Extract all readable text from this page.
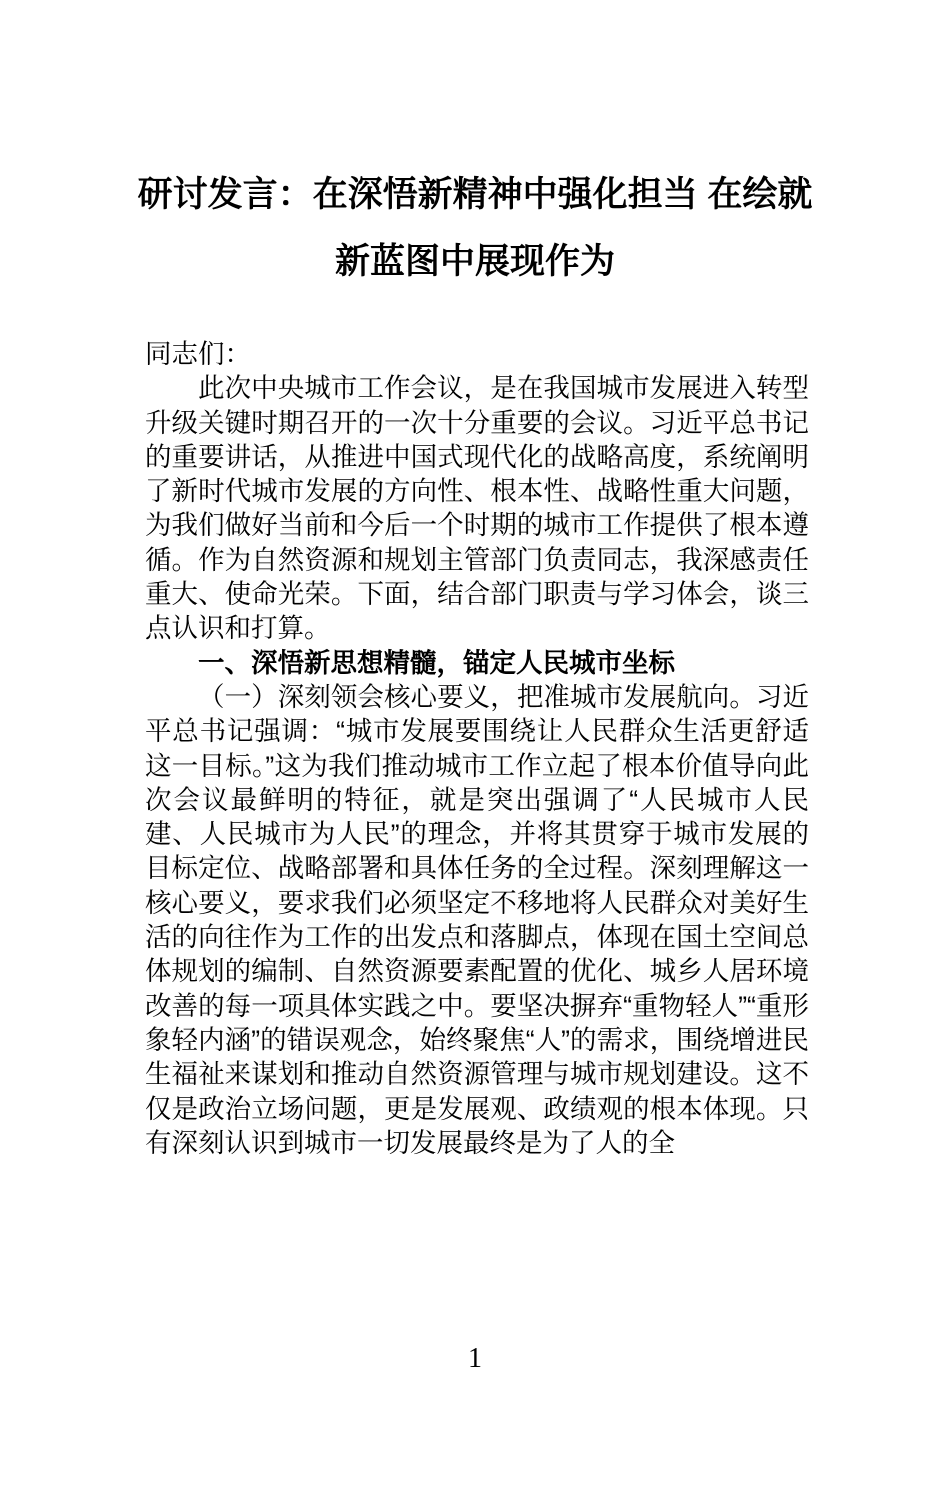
研讨发言：在深悟新精神中强化担当 在绘就新蓝图中展现作为

同志们：

此次中央城市工作会议，是在我国城市发展进入转型升级关键时期召开的一次十分重要的会议。习近平总书记的重要讲话，从推进中国式现代化的战略高度，系统阐明了新时代城市发展的方向性、根本性、战略性重大问题，为我们做好当前和今后一个时期的城市工作提供了根本遵循。作为自然资源和规划主管部门负责同志，我深感责任重大、使命光荣。下面，结合部门职责与学习体会，谈三点认识和打算。

一、深悟新思想精髓，锚定人民城市坐标

（一）深刻领会核心要义，把准城市发展航向。习近平总书记强调：“城市发展要围绕让人民群众生活更舒适这一目标。”这为我们推动城市工作立起了根本价值导向此次会议最鲜明的特征，就是突出强调了“人民城市人民建、人民城市为人民”的理念，并将其贯穿于城市发展的目标定位、战略部署和具体任务的全过程。深刻理解这一核心要义，要求我们必须坚定不移地将人民群众对美好生活的向往作为工作的出发点和落脚点，体现在国土空间总体规划的编制、自然资源要素配置的优化、城乡人居环境改善的每一项具体实践之中。要坚决摒弃“重物轻人”“重形象轻内涵”的错误观念，始终聚焦“人”的需求，围绕增进民生福祉来谋划和推动自然资源管理与城市规划建设。这不仅是政治立场问题，更是发展观、政绩观的根本体现。只有深刻认识到城市一切发展最终是为了人的全

1
